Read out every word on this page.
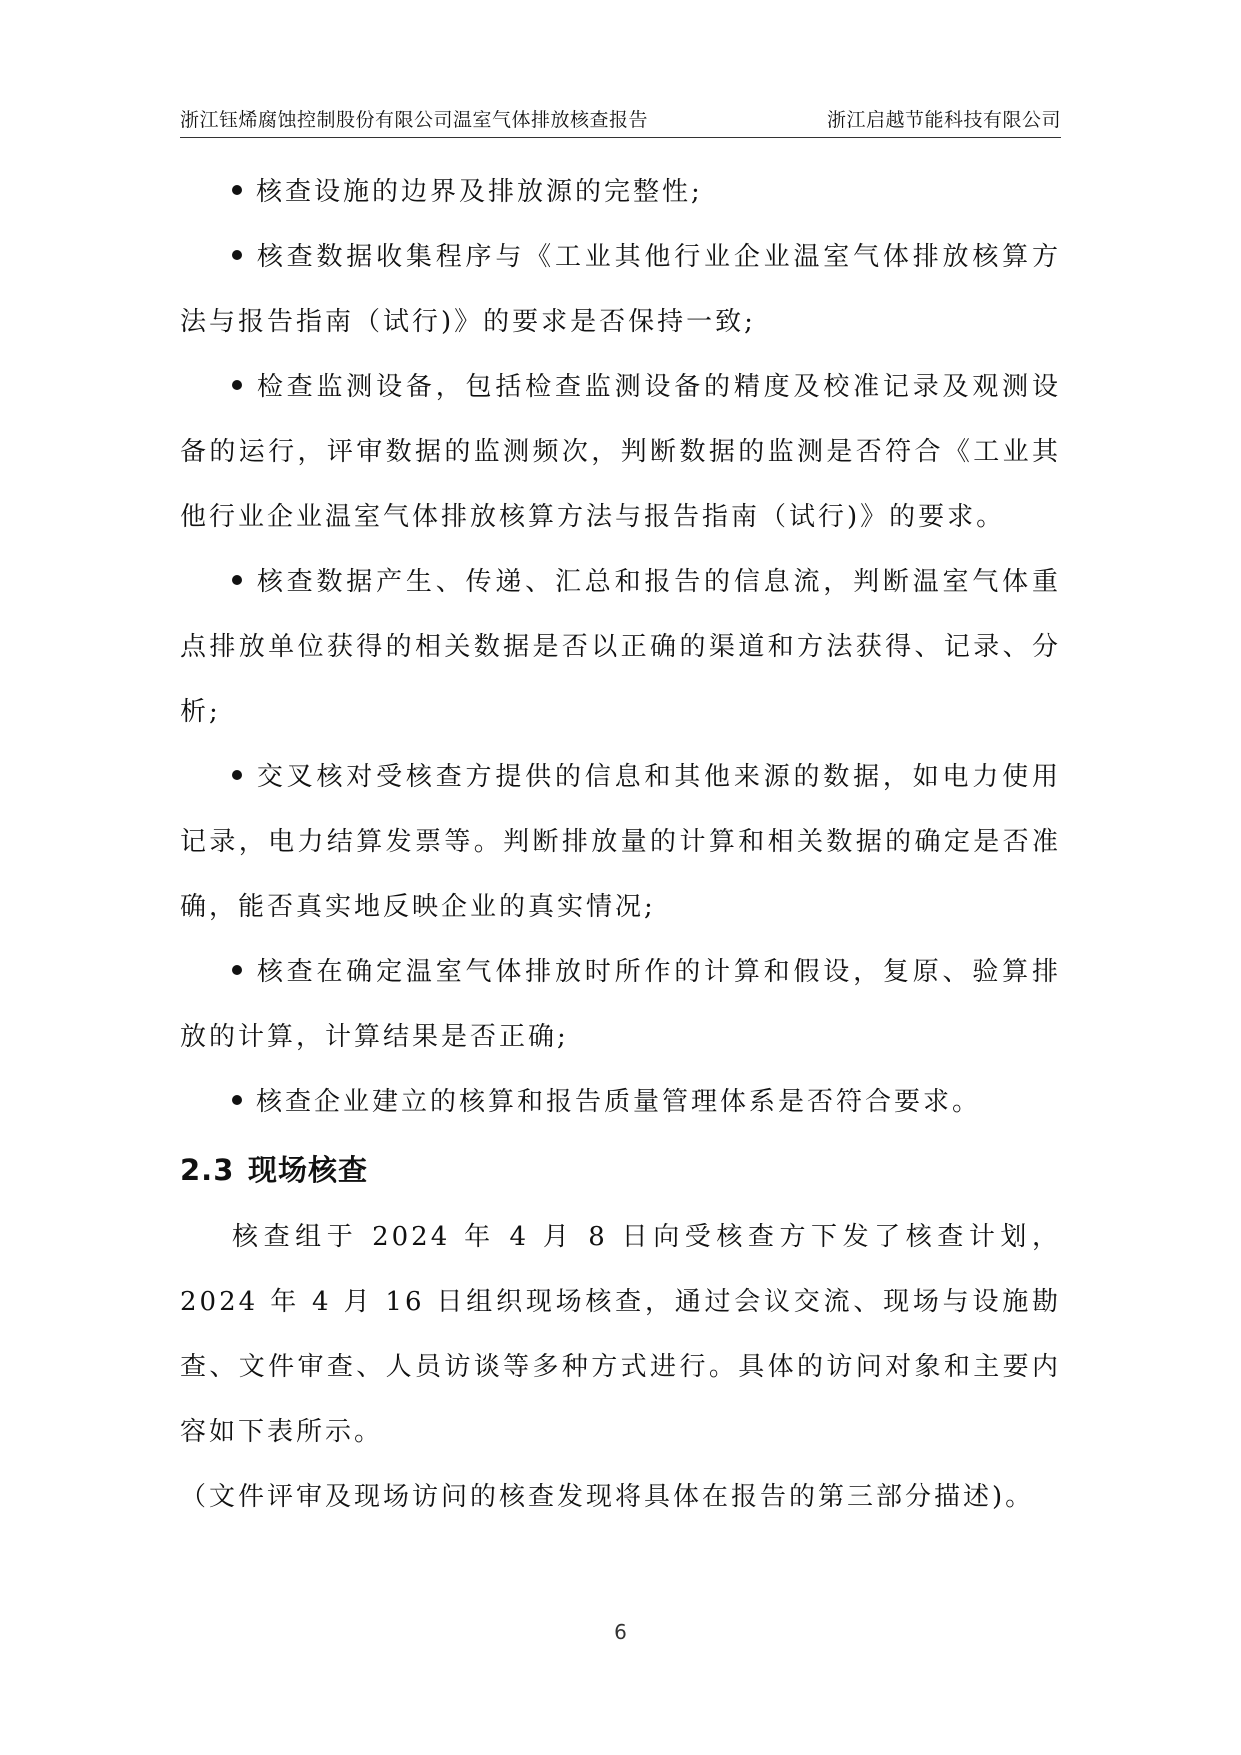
浙江钰烯腐蚀控制股份有限公司温室气体排放核查报告	浙江启越节能科技有限公司

核查设施的边界及排放源的完整性;

核查数据收集程序与《工业其他行业企业温室气体排放核算方法与报告指南（试行)》的要求是否保持一致;

检查监测设备，包括检查监测设备的精度及校准记录及观测设备的运行，评审数据的监测频次，判断数据的监测是否符合《工业其他行业企业温室气体排放核算方法与报告指南（试行)》的要求。

核查数据产生、传递、汇总和报告的信息流，判断温室气体重点排放单位获得的相关数据是否以正确的渠道和方法获得、记录、分析;

交叉核对受核查方提供的信息和其他来源的数据，如电力使用记录，电力结算发票等。判断排放量的计算和相关数据的确定是否准确，能否真实地反映企业的真实情况;

核查在确定温室气体排放时所作的计算和假设，复原、验算排放的计算，计算结果是否正确;

核查企业建立的核算和报告质量管理体系是否符合要求。

2.3 现场核查

核查组于 2024 年 4 月 8 日向受核查方下发了核查计划，2024 年 4 月 16 日组织现场核查，通过会议交流、现场与设施勘查、文件审查、人员访谈等多种方式进行。具体的访问对象和主要内容如下表所示。

（文件评审及现场访问的核查发现将具体在报告的第三部分描述)。

6
